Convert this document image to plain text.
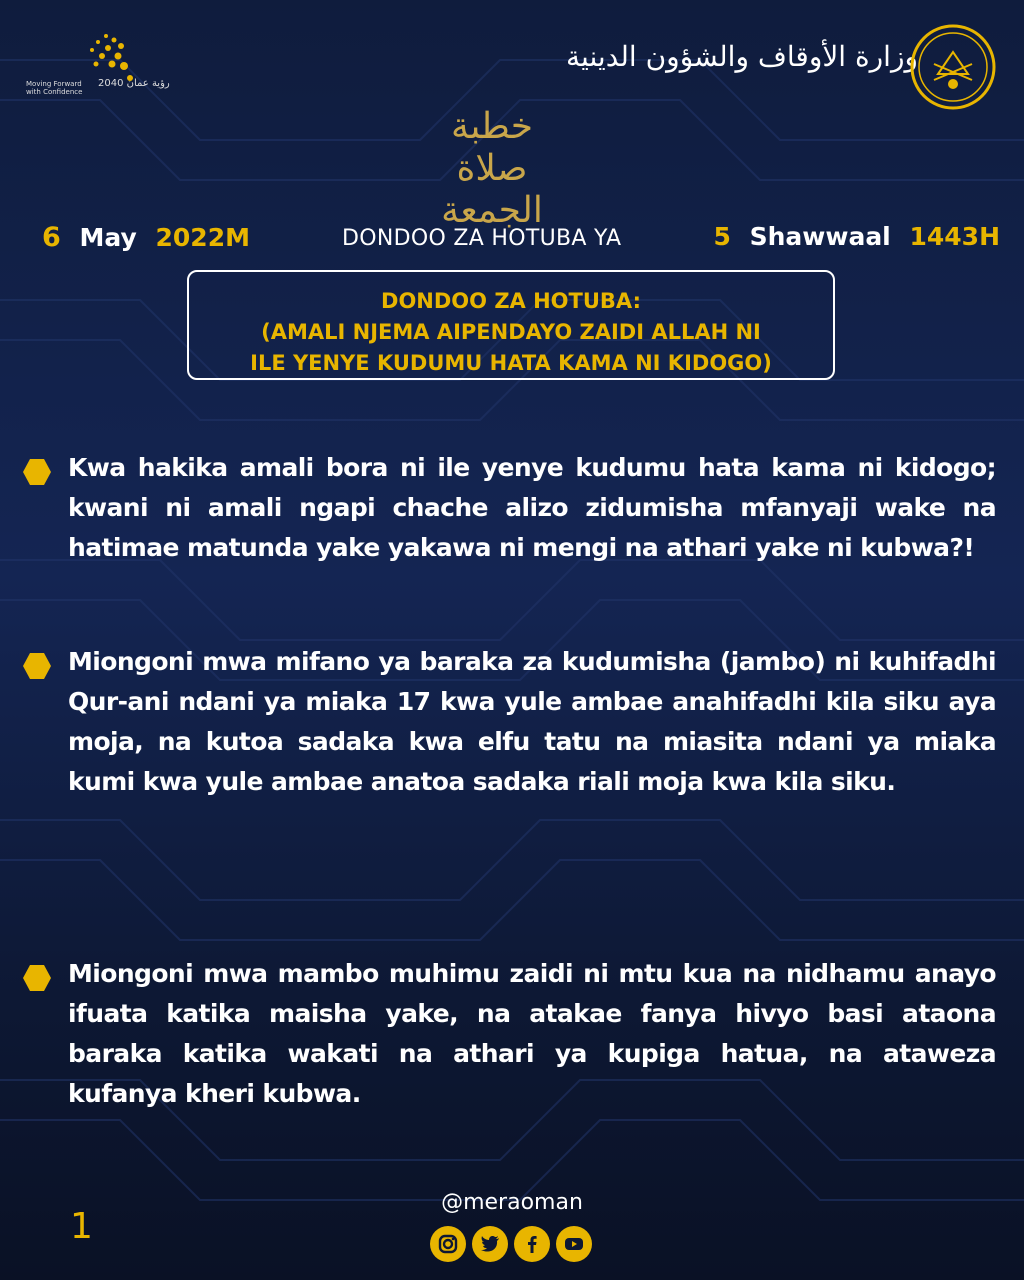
Moving Forward with Confidence
رؤية عمان 2040
وزارة الأوقاف والشؤون الدينية
خطبة صلاة الجمعة
6 May 2022M	DONDOO ZA HOTUBA YA	5 Shawwaal 1443H
DONDOO ZA HOTUBA:
(AMALI NJEMA AIPENDAYO ZAIDI ALLAH NI
ILE YENYE KUDUMU HATA KAMA NI KIDOGO)

Kwa hakika amali bora ni ile yenye kudumu hata kama ni kidogo; kwani ni amali ngapi chache alizo zidumisha mfanyaji wake na hatimae matunda yake yakawa ni mengi na athari yake ni kubwa?!

Miongoni mwa mifano ya baraka za kudumisha (jambo) ni kuhifadhi Qur-ani ndani ya miaka 17 kwa yule ambae anahifadhi kila siku aya moja, na kutoa sadaka kwa elfu tatu na miasita ndani ya miaka kumi kwa yule ambae anatoa sadaka riali moja kwa kila siku.

Miongoni mwa mambo muhimu zaidi ni mtu kua na nidhamu anayo ifuata katika maisha yake, na atakae fanya hivyo basi ataona baraka katika wakati na athari ya kupiga hatua, na ataweza kufanya kheri kubwa.

1
@meraoman
